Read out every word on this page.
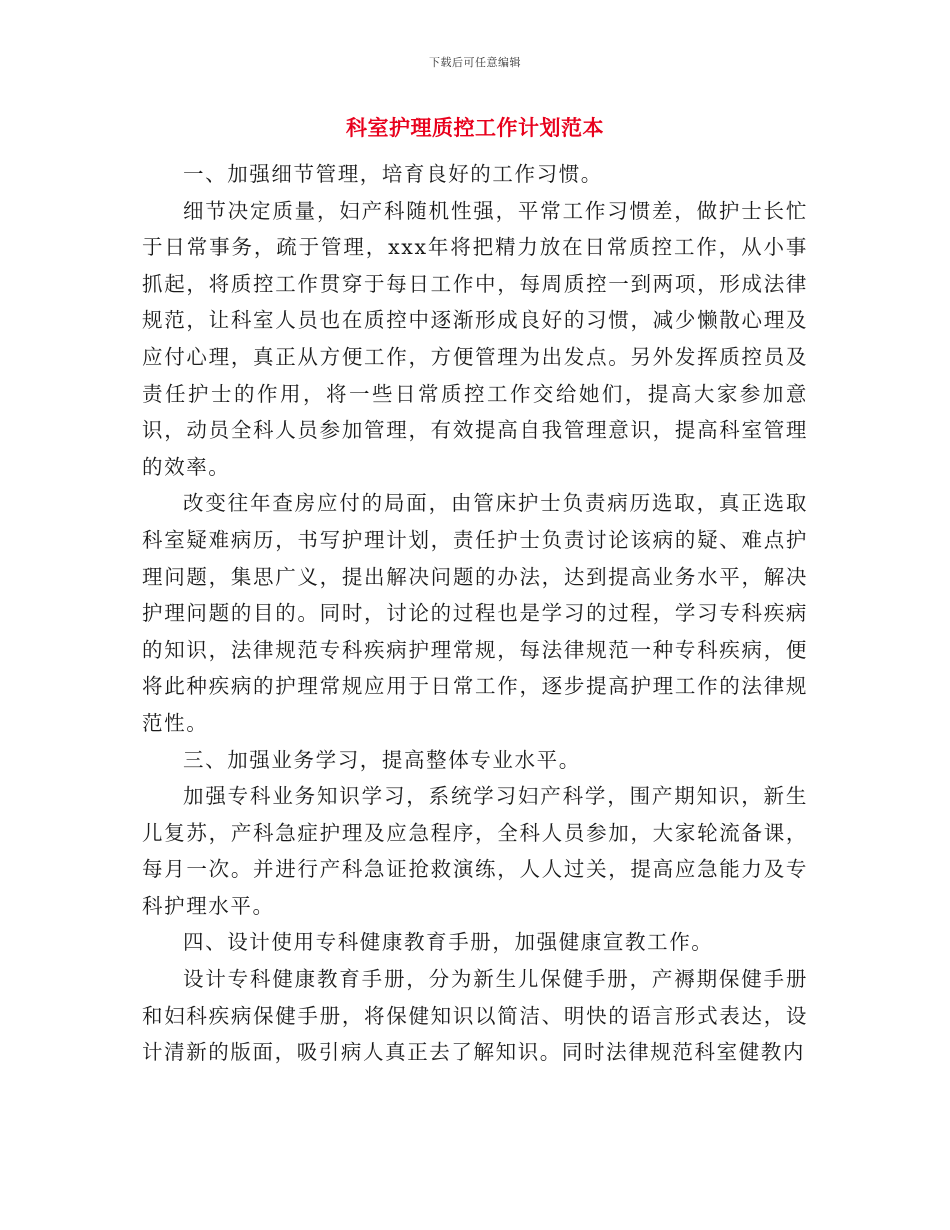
下载后可任意编辑
科室护理质控工作计划范本

一、加强细节管理，培育良好的工作习惯。

细节决定质量，妇产科随机性强，平常工作习惯差，做护士长忙于日常事务，疏于管理，xxx年将把精力放在日常质控工作，从小事抓起，将质控工作贯穿于每日工作中，每周质控一到两项，形成法律规范，让科室人员也在质控中逐渐形成良好的习惯，减少懒散心理及应付心理，真正从方便工作，方便管理为出发点。另外发挥质控员及责任护士的作用，将一些日常质控工作交给她们，提高大家参加意识，动员全科人员参加管理，有效提高自我管理意识，提高科室管理的效率。

改变往年查房应付的局面，由管床护士负责病历选取，真正选取科室疑难病历，书写护理计划，责任护士负责讨论该病的疑、难点护理问题，集思广义，提出解决问题的办法，达到提高业务水平，解决护理问题的目的。同时，讨论的过程也是学习的过程，学习专科疾病的知识，法律规范专科疾病护理常规，每法律规范一种专科疾病，便将此种疾病的护理常规应用于日常工作，逐步提高护理工作的法律规范性。

三、加强业务学习，提高整体专业水平。

加强专科业务知识学习，系统学习妇产科学，围产期知识，新生儿复苏，产科急症护理及应急程序，全科人员参加，大家轮流备课，每月一次。并进行产科急证抢救演练，人人过关，提高应急能力及专科护理水平。

四、设计使用专科健康教育手册，加强健康宣教工作。

设计专科健康教育手册，分为新生儿保健手册，产褥期保健手册和妇科疾病保健手册，将保健知识以简洁、明快的语言形式表达，设计清新的版面，吸引病人真正去了解知识。同时法律规范科室健教内
